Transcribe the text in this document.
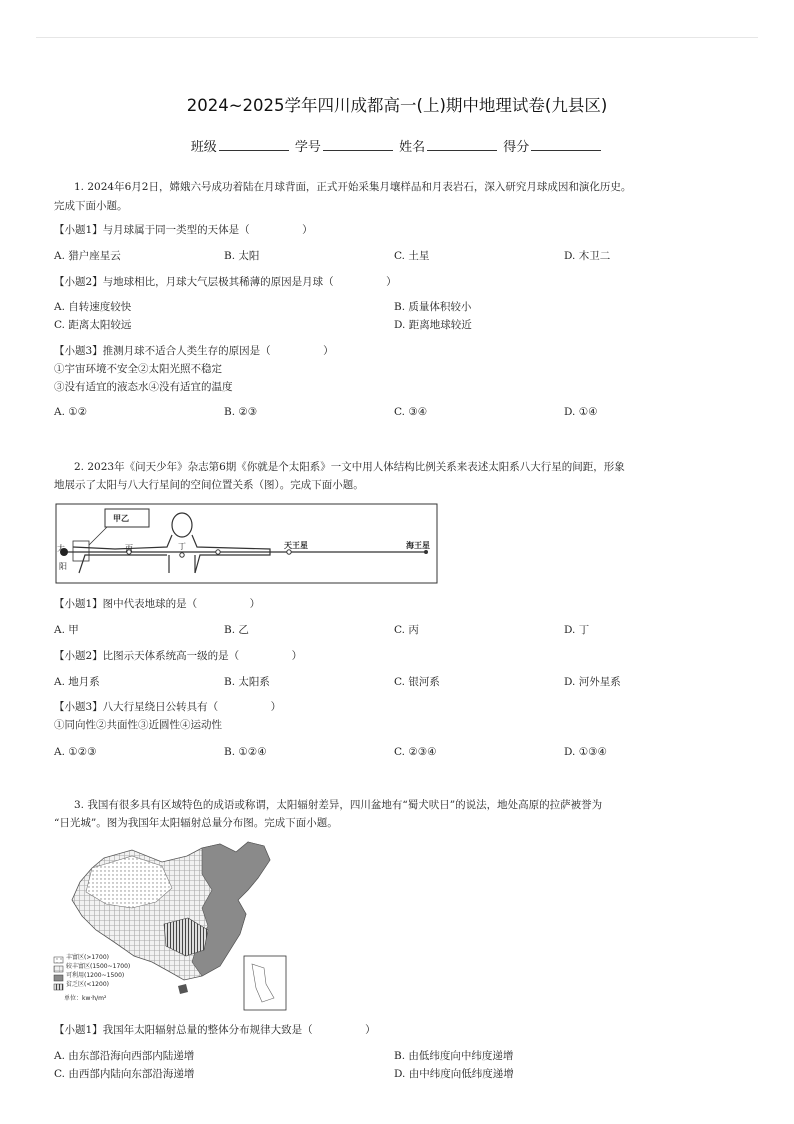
2024~2025学年四川成都高一(上)期中地理试卷(九县区)
班级	学号	姓名	得分
1. 2024年6月2日，嫦娥六号成功着陆在月球背面，正式开始采集月壤样品和月表岩石，深入研究月球成因和演化历史。
完成下面小题。
【小题1】与月球属于同一类型的天体是（　　　　　）
A. 猎户座星云	B. 太阳	C. 土星	D. 木卫二
【小题2】与地球相比，月球大气层极其稀薄的原因是月球（　　　　　）
A. 自转速度较快	B. 质量体积较小
C. 距离太阳较远	D. 距离地球较近
【小题3】推测月球不适合人类生存的原因是（　　　　　）
①宇宙环境不安全②太阳光照不稳定
③没有适宜的液态水④没有适宜的温度
A. ①②	B. ②③	C. ③④	D. ①④
2. 2023年《问天少年》杂志第6期《你就是个太阳系》一文中用人体结构比例关系来表述太阳系八大行星的间距，形象
地展示了太阳与八大行星间的空间位置关系（图）。完成下面小题。
太
阳
甲乙
丙	丁	天王星	海王星
【小题1】图中代表地球的是（　　　　　）
A. 甲	B. 乙	C. 丙	D. 丁
【小题2】比图示天体系统高一级的是（　　　　　）
A. 地月系	B. 太阳系	C. 银河系	D. 河外星系
【小题3】八大行星绕日公转具有（　　　　　）
①同向性②共面性③近圆性④运动性
A. ①②③	B. ①②④	C. ②③④	D. ①③④
3. 我国有很多具有区域特色的成语或称谓，太阳辐射差异，四川盆地有“蜀犬吠日”的说法，地处高原的拉萨被誉为
“日光城”。图为我国年太阳辐射总量分布图。完成下面小题。
丰富区(>1700)
较丰富区(1500~1700)
可利用(1200~1500)
贫乏区(<1200)
单位：kw·h/m²
【小题1】我国年太阳辐射总量的整体分布规律大致是（　　　　　）
A. 由东部沿海向西部内陆递增	B. 由低纬度向中纬度递增
C. 由西部内陆向东部沿海递增	D. 由中纬度向低纬度递增
